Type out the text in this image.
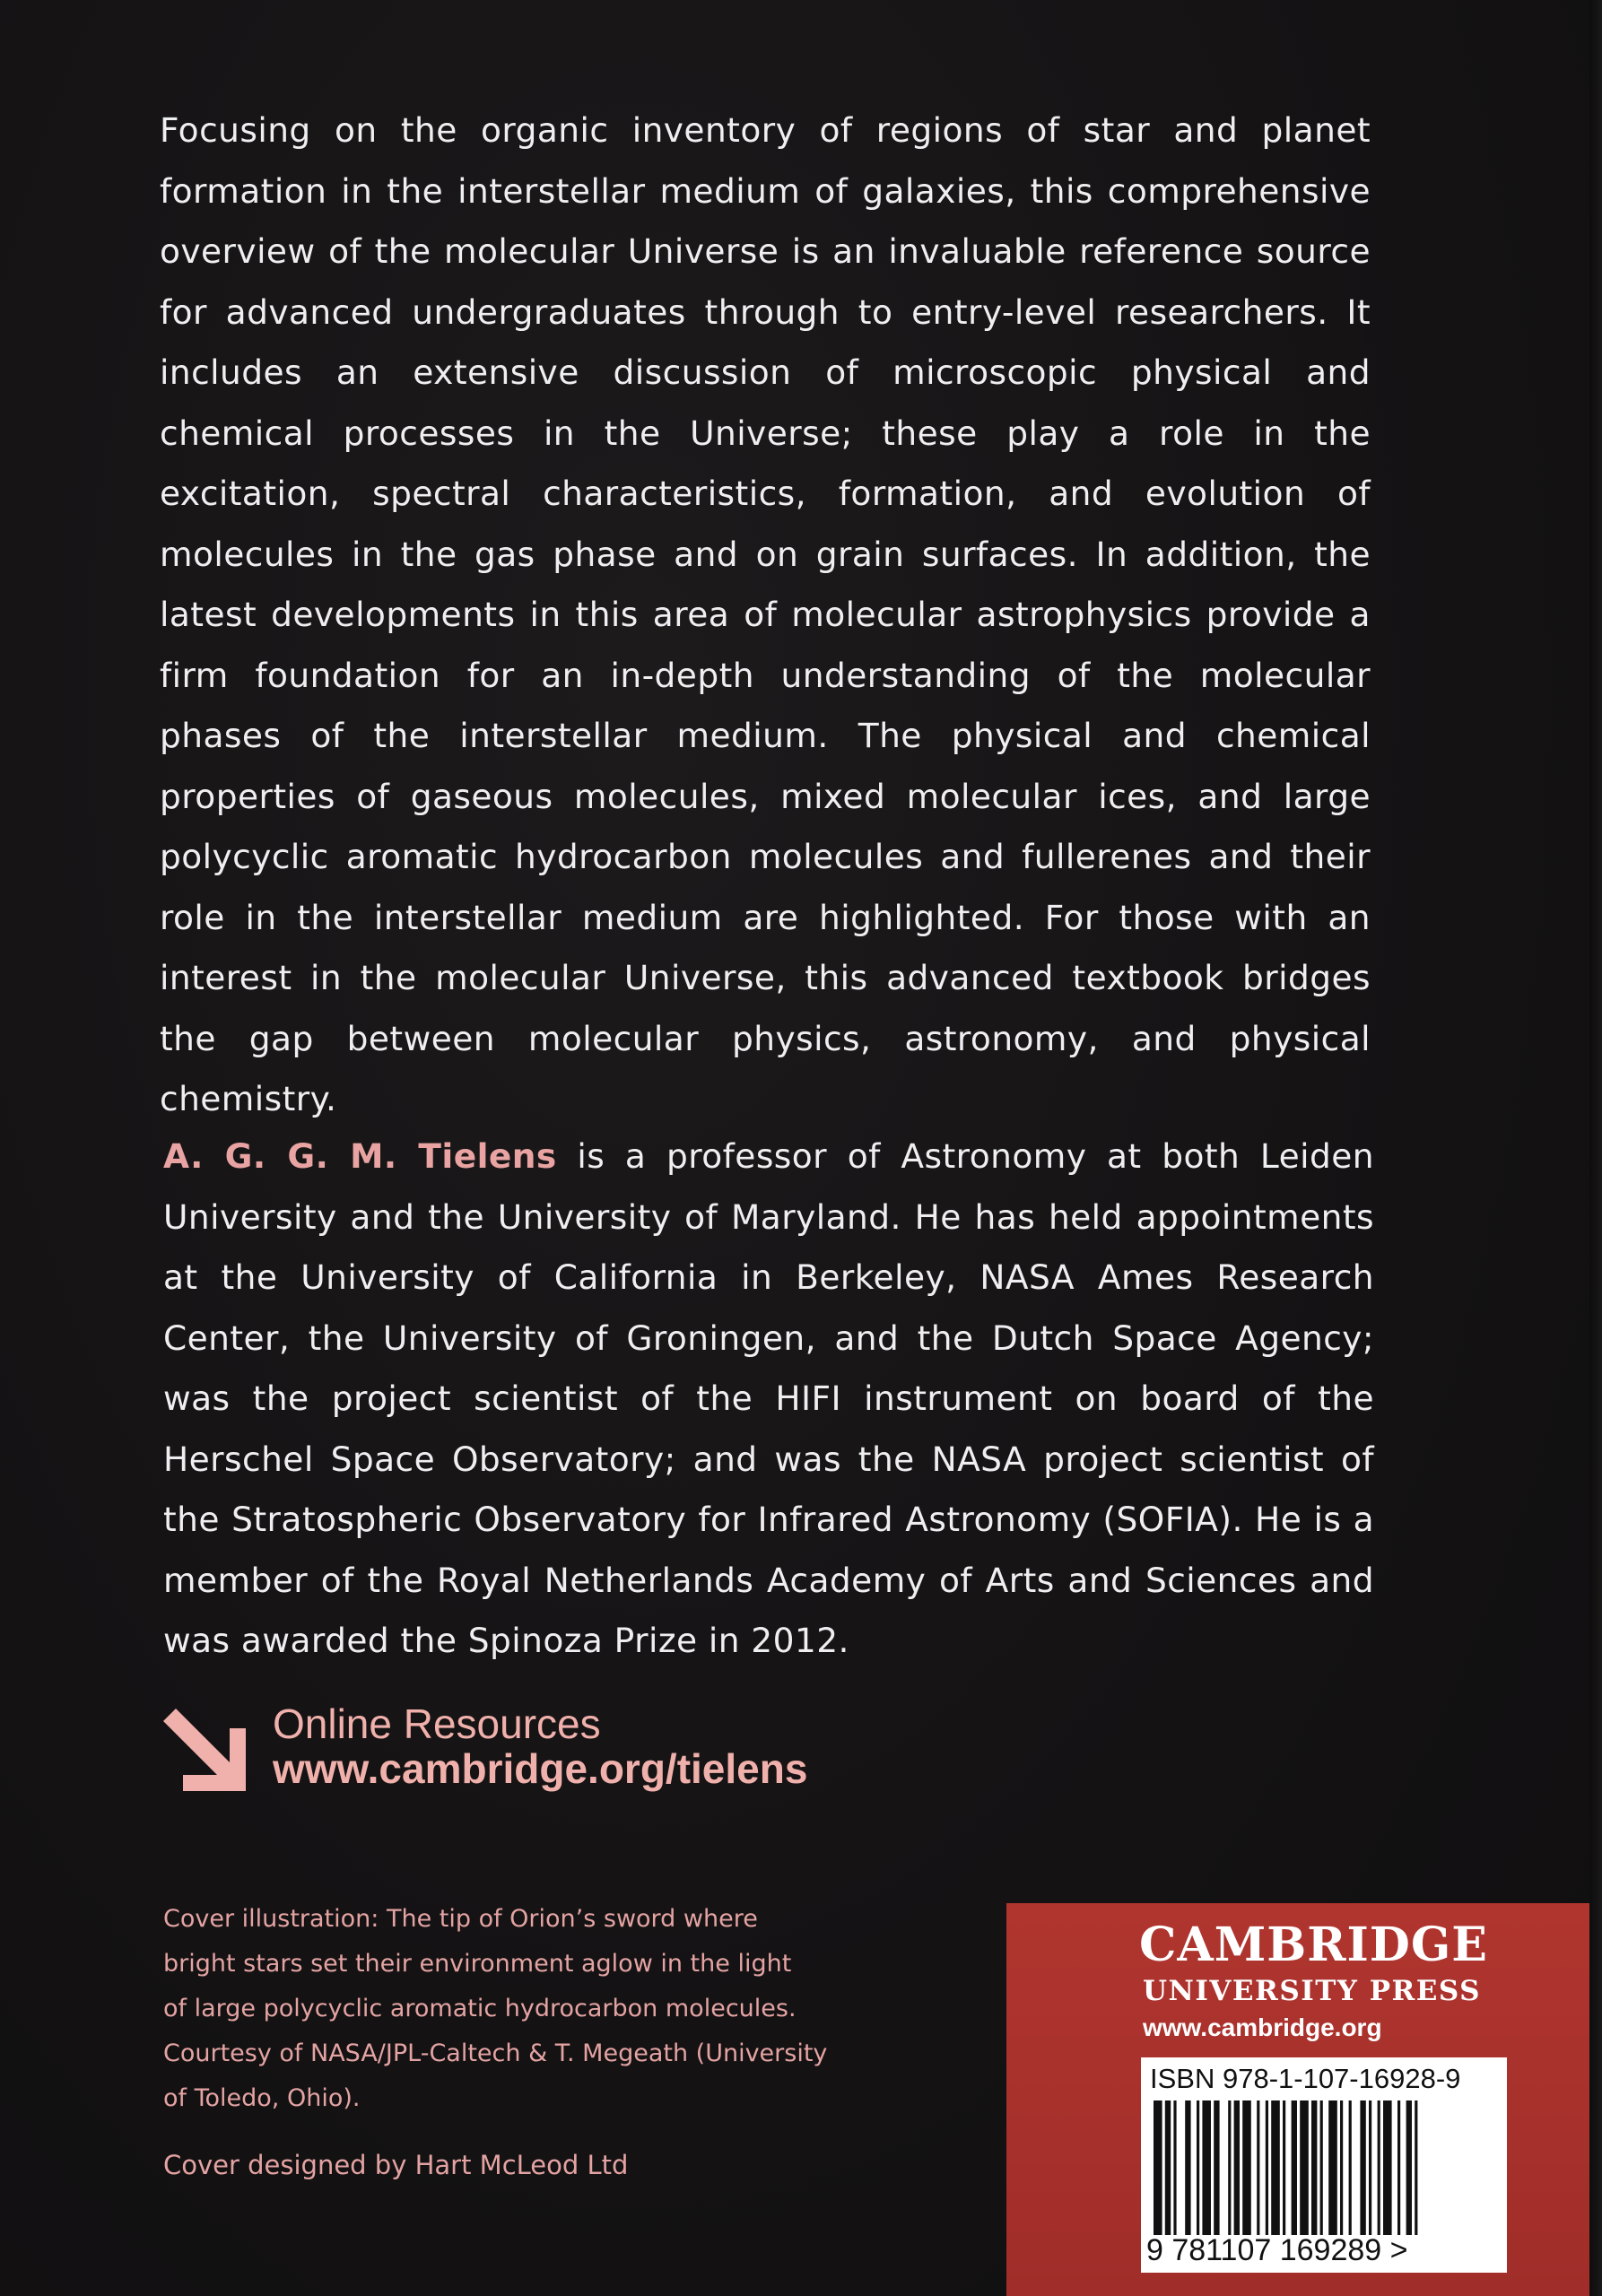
Focusing on the organic inventory of regions of star and planet formation in the interstellar medium of galaxies, this comprehensive overview of the molecular Universe is an invaluable reference source for advanced undergraduates through to entry-level researchers. It includes an extensive discussion of microscopic physical and chemical processes in the Universe; these play a role in the excitation, spectral characteristics, formation, and evolution of molecules in the gas phase and on grain surfaces. In addition, the latest developments in this area of molecular astrophysics provide a firm foundation for an in-depth understanding of the molecular phases of the interstellar medium. The physical and chemical properties of gaseous molecules, mixed molecular ices, and large polycyclic aromatic hydrocarbon molecules and fullerenes and their role in the interstellar medium are highlighted. For those with an interest in the molecular Universe, this advanced textbook bridges the gap between molecular physics, astronomy, and physical chemistry.

A. G. G. M. Tielens is a professor of Astronomy at both Leiden University and the University of Maryland. He has held appointments at the University of California in Berkeley, NASA Ames Research Center, the University of Groningen, and the Dutch Space Agency; was the project scientist of the HIFI instrument on board of the Herschel Space Observatory; and was the NASA project scientist of the Stratospheric Observatory for Infrared Astronomy (SOFIA). He is a member of the Royal Netherlands Academy of Arts and Sciences and was awarded the Spinoza Prize in 2012.

Online Resources
www.cambridge.org/tielens
Cover illustration: The tip of Orion’s sword where
bright stars set their environment aglow in the light
of large polycyclic aromatic hydrocarbon molecules.
Courtesy of NASA/JPL-Caltech & T. Megeath (University
of Toledo, Ohio).
Cover designed by Hart McLeod Ltd
CAMBRIDGE
UNIVERSITY PRESS
www.cambridge.org
ISBN 978-1-107-16928-9
9 781107 169289 >
